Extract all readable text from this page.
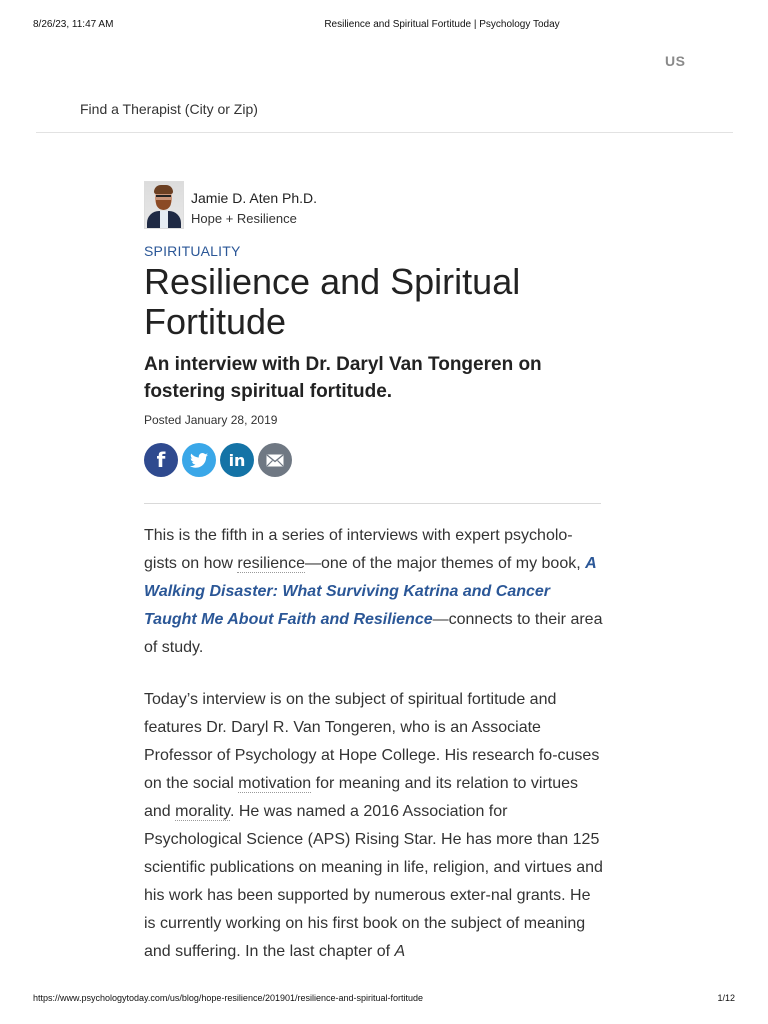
8/26/23, 11:47 AM	Resilience and Spiritual Fortitude | Psychology Today
US
Find a Therapist (City or Zip)
Jamie D. Aten Ph.D.
Hope + Resilience
SPIRITUALITY
Resilience and Spiritual Fortitude
An interview with Dr. Daryl Van Tongeren on fostering spiritual fortitude.
Posted January 28, 2019
f	in

This is the fifth in a series of interviews with expert psycholo-gists on how resilience—one of the major themes of my book, A Walking Disaster: What Surviving Katrina and Cancer Taught Me About Faith and Resilience—connects to their area of study.

Today’s interview is on the subject of spiritual fortitude and features Dr. Daryl R. Van Tongeren, who is an Associate Professor of Psychology at Hope College. His research fo-cuses on the social motivation for meaning and its relation to virtues and morality. He was named a 2016 Association for Psychological Science (APS) Rising Star. He has more than 125 scientific publications on meaning in life, religion, and virtues and his work has been supported by numerous exter-nal grants. He is currently working on his first book on the subject of meaning and suffering. In the last chapter of A

https://www.psychologytoday.com/us/blog/hope-resilience/201901/resilience-and-spiritual-fortitude	1/12
